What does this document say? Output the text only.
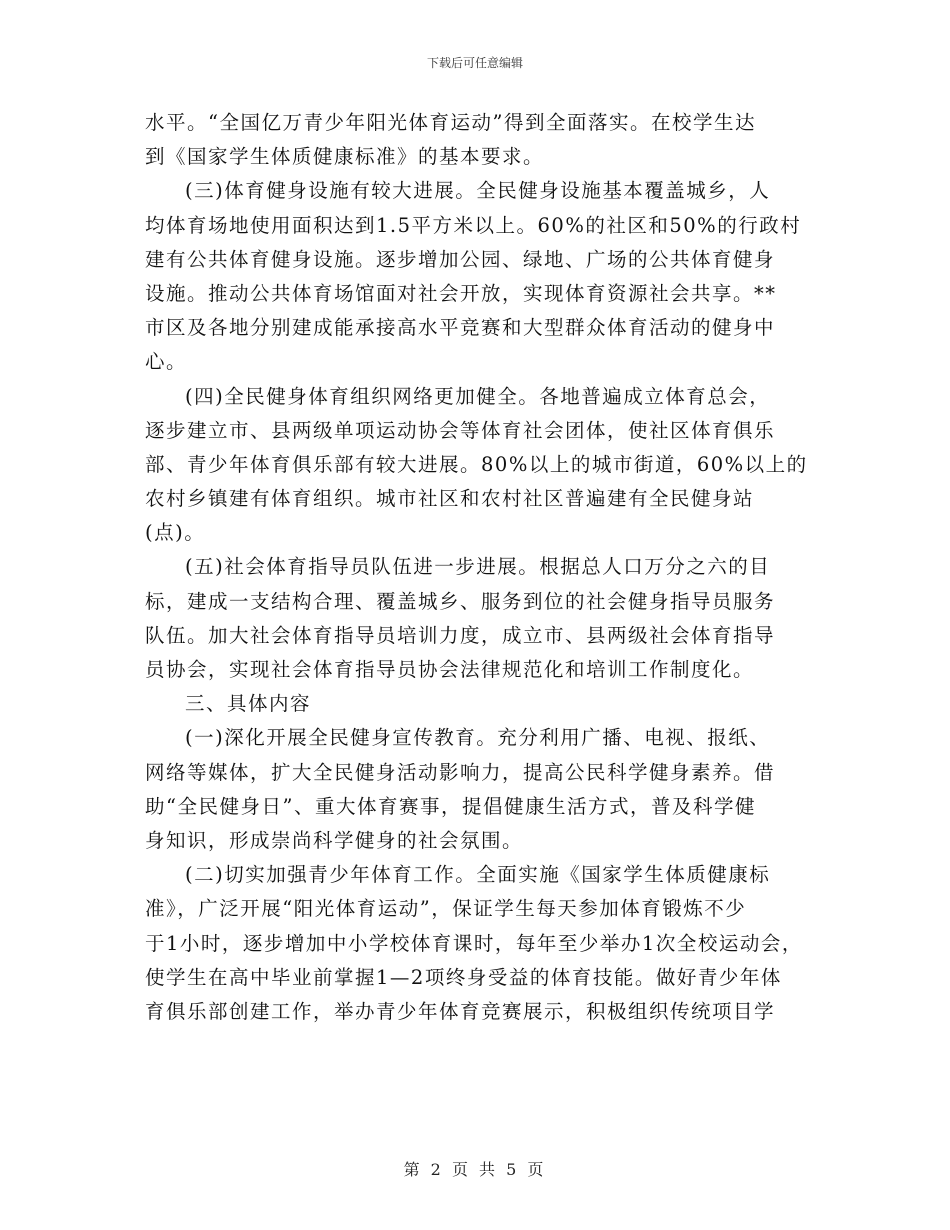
下载后可任意编辑
水平。“全国亿万青少年阳光体育运动”得到全面落实。在校学生达
到《国家学生体质健康标准》的基本要求。
(三)体育健身设施有较大进展。全民健身设施基本覆盖城乡，人
均体育场地使用面积达到1.5平方米以上。60%的社区和50%的行政村
建有公共体育健身设施。逐步增加公园、绿地、广场的公共体育健身
设施。推动公共体育场馆面对社会开放，实现体育资源社会共享。**
市区及各地分别建成能承接高水平竞赛和大型群众体育活动的健身中
心。
(四)全民健身体育组织网络更加健全。各地普遍成立体育总会，
逐步建立市、县两级单项运动协会等体育社会团体，使社区体育俱乐
部、青少年体育俱乐部有较大进展。80%以上的城市街道，60%以上的
农村乡镇建有体育组织。城市社区和农村社区普遍建有全民健身站
(点)。
(五)社会体育指导员队伍进一步进展。根据总人口万分之六的目
标，建成一支结构合理、覆盖城乡、服务到位的社会健身指导员服务
队伍。加大社会体育指导员培训力度，成立市、县两级社会体育指导
员协会，实现社会体育指导员协会法律规范化和培训工作制度化。
三、具体内容
(一)深化开展全民健身宣传教育。充分利用广播、电视、报纸、
网络等媒体，扩大全民健身活动影响力，提高公民科学健身素养。借
助“全民健身日”、重大体育赛事，提倡健康生活方式，普及科学健
身知识，形成崇尚科学健身的社会氛围。
(二)切实加强青少年体育工作。全面实施《国家学生体质健康标
准》，广泛开展“阳光体育运动”，保证学生每天参加体育锻炼不少
于1小时，逐步增加中小学校体育课时，每年至少举办1次全校运动会，
使学生在高中毕业前掌握1—2项终身受益的体育技能。做好青少年体
育俱乐部创建工作，举办青少年体育竞赛展示，积极组织传统项目学
第 2 页 共 5 页
